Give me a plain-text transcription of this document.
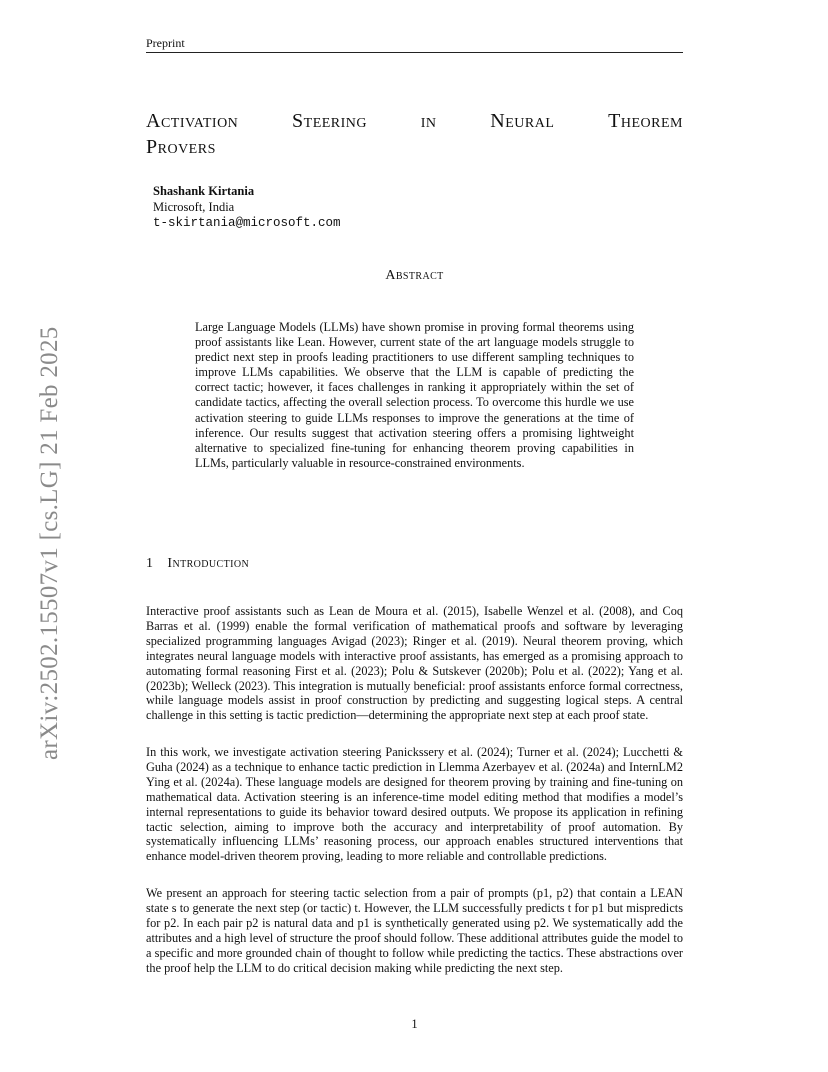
Preprint
Activation	Steering	in	Neural	Theorem
Provers
Shashank Kirtania
Microsoft, India
t-skirtania@microsoft.com
Abstract
Large Language Models (LLMs) have shown promise in proving formal theorems using proof assistants like Lean. However, current state of the art language models struggle to predict next step in proofs leading practitioners to use different sampling techniques to improve LLMs capabilities. We observe that the LLM is capable of predicting the correct tactic; however, it faces challenges in ranking it appropriately within the set of candidate tactics, affecting the overall selection process. To overcome this hurdle we use activation steering to guide LLMs responses to improve the generations at the time of inference. Our results suggest that activation steering offers a promising lightweight alternative to specialized fine-tuning for enhancing theorem proving capabilities in LLMs, particularly valuable in resource-constrained environments.
arXiv:2502.15507v1 [cs.LG] 21 Feb 2025	1 Introduction
Interactive proof assistants such as Lean de Moura et al. (2015), Isabelle Wenzel et al. (2008), and Coq Barras et al. (1999) enable the formal verification of mathematical proofs and software by leveraging specialized programming languages Avigad (2023); Ringer et al. (2019). Neural theorem proving, which integrates neural language models with interactive proof assistants, has emerged as a promising approach to automating formal reasoning First et al. (2023); Polu & Sutskever (2020b); Polu et al. (2022); Yang et al. (2023b); Welleck (2023). This integration is mutually beneficial: proof assistants enforce formal correctness, while language models assist in proof construction by predicting and suggesting logical steps. A central challenge in this setting is tactic prediction—determining the appropriate next step at each proof state.
In this work, we investigate activation steering Panickssery et al. (2024); Turner et al. (2024); Lucchetti & Guha (2024) as a technique to enhance tactic prediction in Llemma Azerbayev et al. (2024a) and InternLM2 Ying et al. (2024a). These language models are designed for theorem proving by training and fine-tuning on mathematical data. Activation steering is an inference-time model editing method that modifies a model’s internal representations to guide its behavior toward desired outputs. We propose its application in refining tactic selection, aiming to improve both the accuracy and interpretability of proof automation. By systematically influencing LLMs’ reasoning process, our approach enables structured interventions that enhance model-driven theorem proving, leading to more reliable and controllable predictions.
We present an approach for steering tactic selection from a pair of prompts (p1, p2) that contain a LEAN state s to generate the next step (or tactic) t. However, the LLM successfully predicts t for p1 but mispredicts for p2. In each pair p2 is natural data and p1 is synthetically generated using p2. We systematically add the attributes and a high level of structure the proof should follow. These additional attributes guide the model to a specific and more grounded chain of thought to follow while predicting the tactics. These abstractions over the proof help the LLM to do critical decision making while predicting the next step.
1
